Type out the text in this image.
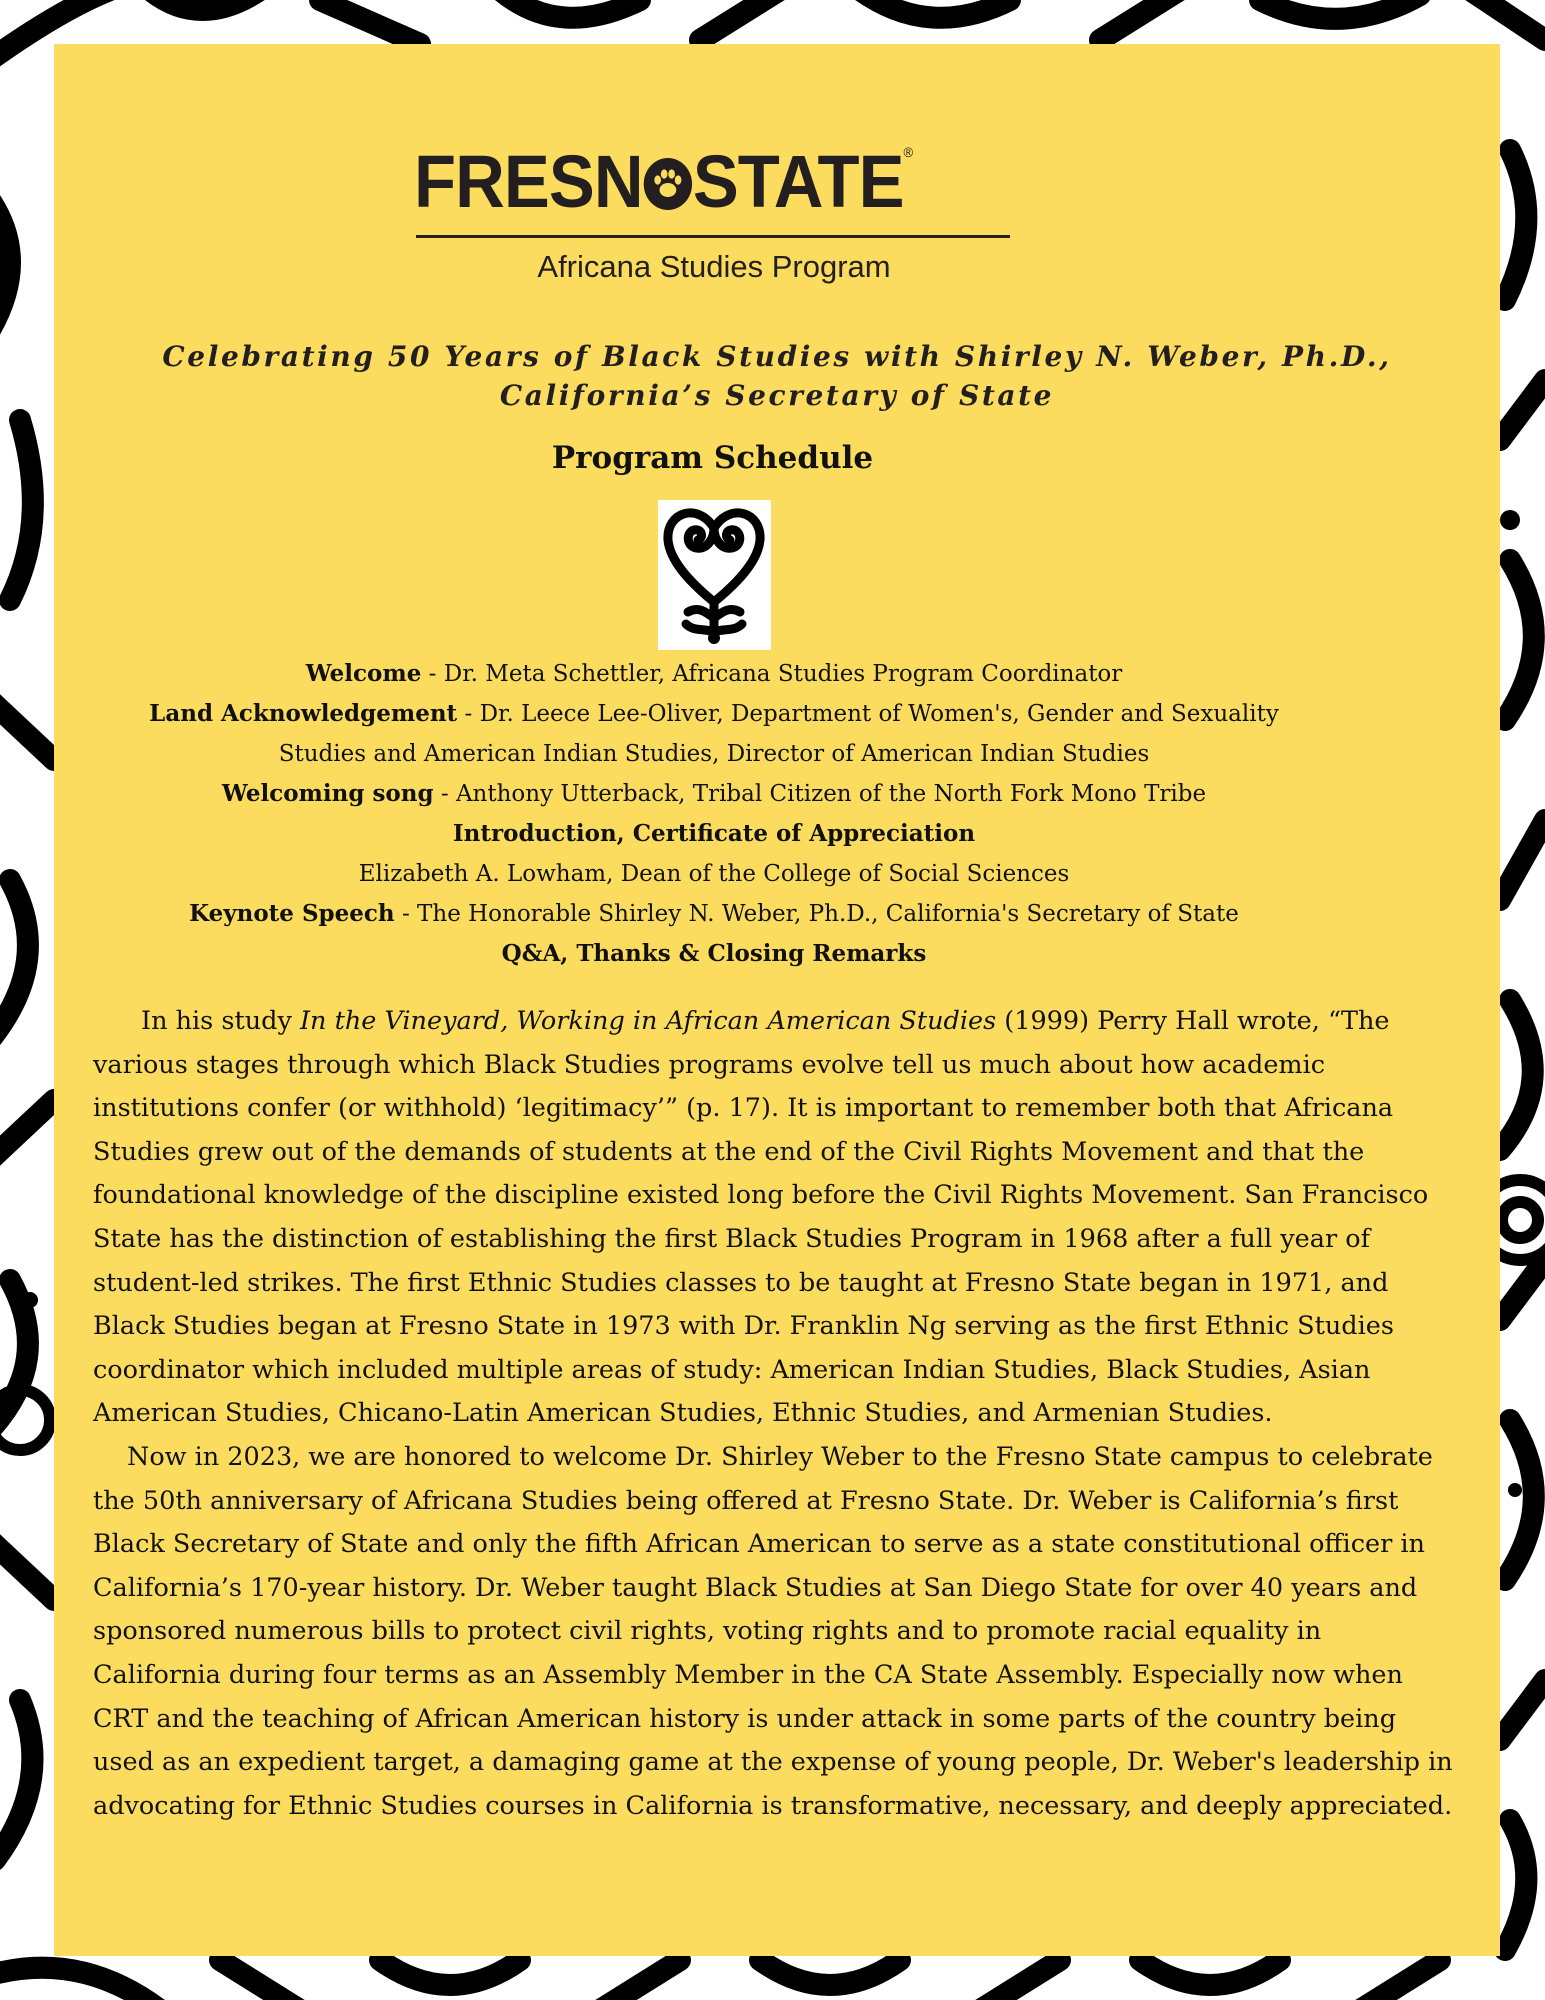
FRESN STATE®
Africana Studies Program
Celebrating 50 Years of Black Studies with Shirley N. Weber, Ph.D.,
California’s Secretary of State
Program Schedule
Welcome - Dr. Meta Schettler, Africana Studies Program Coordinator
Land Acknowledgement - Dr. Leece Lee-Oliver, Department of Women's, Gender and Sexuality
Studies and American Indian Studies, Director of American Indian Studies
Welcoming song - Anthony Utterback, Tribal Citizen of the North Fork Mono Tribe
Introduction, Certificate of Appreciation
Elizabeth A. Lowham, Dean of the College of Social Sciences
Keynote Speech - The Honorable Shirley N. Weber, Ph.D., California's Secretary of State
Q&A, Thanks & Closing Remarks

In his study In the Vineyard, Working in African American Studies (1999) Perry Hall wrote, “The various stages through which Black Studies programs evolve tell us much about how academic institutions confer (or withhold) ‘legitimacy’” (p. 17). It is important to remember both that Africana Studies grew out of the demands of students at the end of the Civil Rights Movement and that the foundational knowledge of the discipline existed long before the Civil Rights Movement. San Francisco State has the distinction of establishing the first Black Studies Program in 1968 after a full year of student-led strikes. The first Ethnic Studies classes to be taught at Fresno State began in 1971, and Black Studies began at Fresno State in 1973 with Dr. Franklin Ng serving as the first Ethnic Studies coordinator which included multiple areas of study: American Indian Studies, Black Studies, Asian American Studies, Chicano-Latin American Studies, Ethnic Studies, and Armenian Studies.

Now in 2023, we are honored to welcome Dr. Shirley Weber to the Fresno State campus to celebrate the 50th anniversary of Africana Studies being offered at Fresno State. Dr. Weber is California’s first Black Secretary of State and only the fifth African American to serve as a state constitutional officer in California’s 170-year history. Dr. Weber taught Black Studies at San Diego State for over 40 years and sponsored numerous bills to protect civil rights, voting rights and to promote racial equality in California during four terms as an Assembly Member in the CA State Assembly. Especially now when CRT and the teaching of African American history is under attack in some parts of the country being used as an expedient target, a damaging game at the expense of young people, Dr. Weber's leadership in advocating for Ethnic Studies courses in California is transformative, necessary, and deeply appreciated.
